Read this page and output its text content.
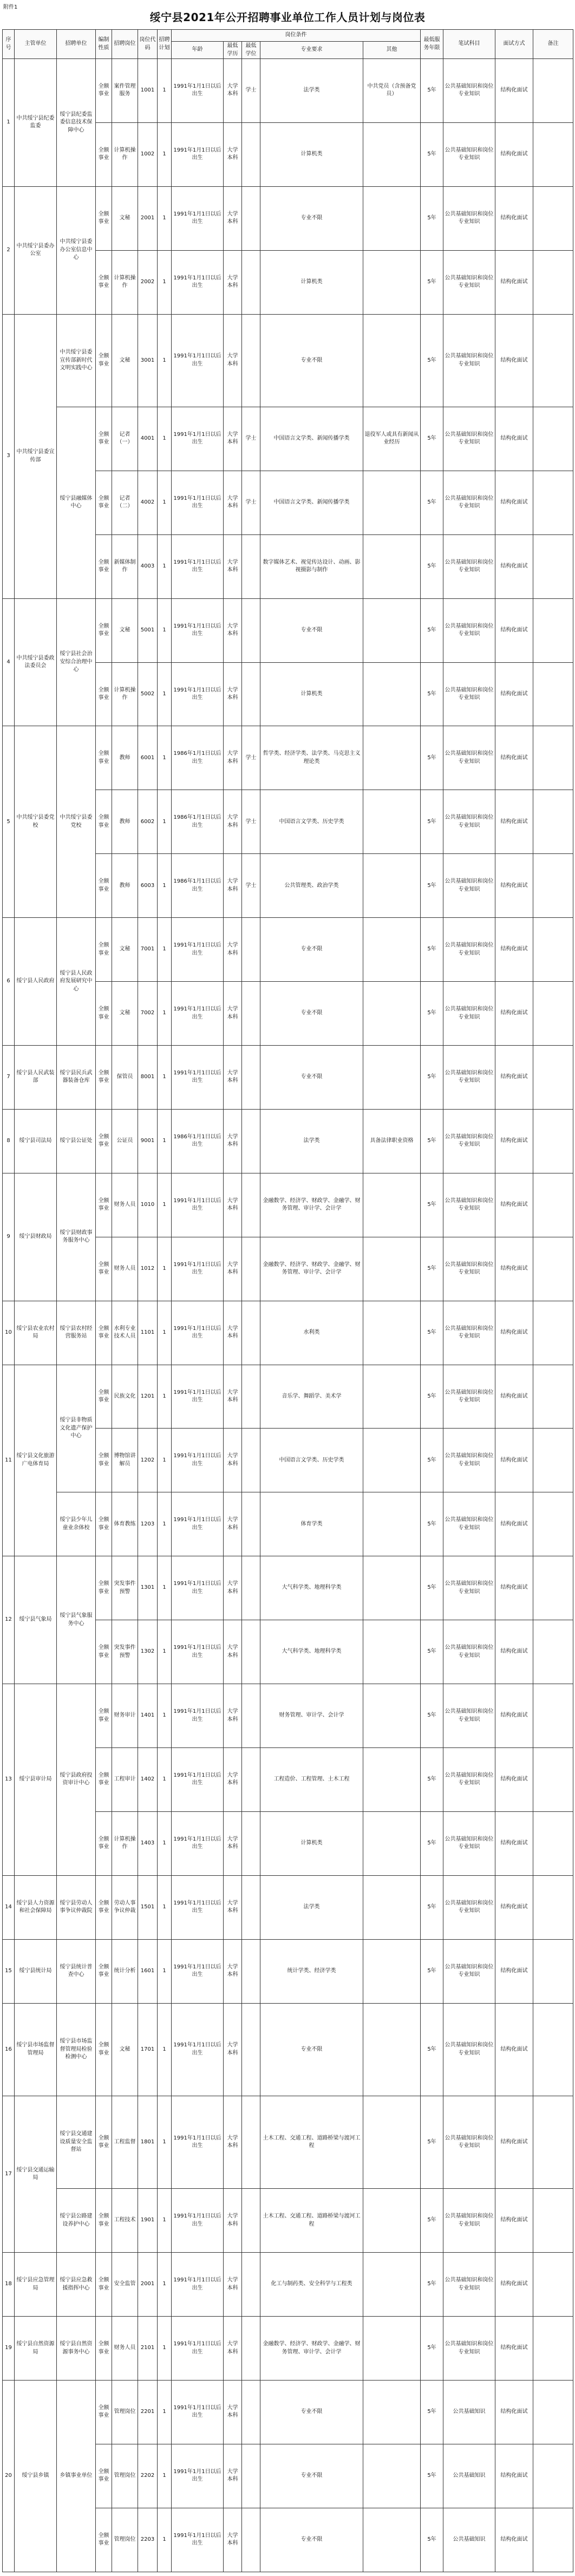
附件1
绥宁县2021年公开招聘事业单位工作人员计划与岗位表
序号	主管单位	招聘单位	编制性质	招聘岗位	岗位代码	招聘计划	岗位条件					最低服务年限	笔试科目	面试方式	备注
							年龄	最低学历	最低学位	专业要求	其他				
1	中共绥宁县纪委监委	绥宁县纪委监委信息技术保障中心	全额事业	案件管理服务	1001	1	1991年1月1日以后出生	大学本科	学士	法学类	中共党员（含预备党员）	5年	公共基础知识和岗位专业知识	结构化面试	
			全额事业	计算机操作	1002	1	1991年1月1日以后出生	大学本科		计算机类		5年	公共基础知识和岗位专业知识	结构化面试	
2	中共绥宁县委办公室	中共绥宁县委办公室信息中心	全额事业	文秘	2001	1	1991年1月1日以后出生	大学本科		专业不限		5年	公共基础知识和岗位专业知识	结构化面试	
			全额事业	计算机操作	2002	1	1991年1月1日以后出生	大学本科		计算机类		5年	公共基础知识和岗位专业知识	结构化面试	
3	中共绥宁县委宣传部	中共绥宁县委宣传部新时代文明实践中心	全额事业	文秘	3001	1	1991年1月1日以后出生	大学本科		专业不限		5年	公共基础知识和岗位专业知识	结构化面试	
		绥宁县融媒体中心	全额事业	记者（一）	4001	1	1991年1月1日以后出生	大学本科	学士	中国语言文学类、新闻传播学类	退役军人或具有新闻从业经历	5年	公共基础知识和岗位专业知识	结构化面试	
			全额事业	记者（二）	4002	1	1991年1月1日以后出生	大学本科	学士	中国语言文学类、新闻传播学类		5年	公共基础知识和岗位专业知识	结构化面试	
			全额事业	新媒体制作	4003	1	1991年1月1日以后出生	大学本科		数字媒体艺术、视觉传达设计、动画、影视摄影与制作		5年	公共基础知识和岗位专业知识	结构化面试	
4	中共绥宁县委政法委员会	绥宁县社会治安综合治理中心	全额事业	文秘	5001	1	1991年1月1日以后出生	大学本科		专业不限		5年	公共基础知识和岗位专业知识	结构化面试	
			全额事业	计算机操作	5002	1	1991年1月1日以后出生	大学本科		计算机类		5年	公共基础知识和岗位专业知识	结构化面试	
5	中共绥宁县委党校	中共绥宁县委党校	全额事业	教师	6001	1	1986年1月1日以后出生	大学本科	学士	哲学类、经济学类、法学类、马克思主义理论类		5年	公共基础知识和岗位专业知识	结构化面试	
			全额事业	教师	6002	1	1986年1月1日以后出生	大学本科	学士	中国语言文学类、历史学类		5年	公共基础知识和岗位专业知识	结构化面试	
			全额事业	教师	6003	1	1986年1月1日以后出生	大学本科	学士	公共管理类、政治学类		5年	公共基础知识和岗位专业知识	结构化面试	
6	绥宁县人民政府	绥宁县人民政府发展研究中心	全额事业	文秘	7001	1	1991年1月1日以后出生	大学本科		专业不限		5年	公共基础知识和岗位专业知识	结构化面试	
			全额事业	文秘	7002	1	1991年1月1日以后出生	大学本科		专业不限		5年	公共基础知识和岗位专业知识	结构化面试	
7	绥宁县人民武装部	绥宁县民兵武器装备仓库	全额事业	保管员	8001	1	1991年1月1日以后出生	大学本科		专业不限		5年	公共基础知识和岗位专业知识	结构化面试	
8	绥宁县司法局	绥宁县公证处	全额事业	公证员	9001	1	1986年1月1日以后出生	大学本科		法学类	具备法律职业资格	5年	公共基础知识和岗位专业知识	结构化面试	
9	绥宁县财政局	绥宁县财政事务服务中心	全额事业	财务人员	1010	1	1991年1月1日以后出生	大学本科		金融数学、经济学、财政学、金融学、财务管理、审计学、会计学		5年	公共基础知识和岗位专业知识	结构化面试	
			全额事业	财务人员	1012	1	1991年1月1日以后出生	大学本科		金融数学、经济学、财政学、金融学、财务管理、审计学、会计学		5年	公共基础知识和岗位专业知识	结构化面试	
10	绥宁县农业农村局	绥宁县农村经营服务站	全额事业	水利专业技术人员	1101	1	1991年1月1日以后出生	大学本科		水利类		5年	公共基础知识和岗位专业知识	结构化面试	
11	绥宁县文化旅游广电体育局	绥宁县非物质文化遗产保护中心	全额事业	民族文化	1201	1	1991年1月1日以后出生	大学本科		音乐学、舞蹈学、美术学		5年	公共基础知识和岗位专业知识	结构化面试	
			全额事业	博物馆讲解员	1202	1	1991年1月1日以后出生	大学本科		中国语言文学类、历史学类		5年	公共基础知识和岗位专业知识	结构化面试	
		绥宁县少年儿童业余体校	全额事业	体育教练	1203	1	1991年1月1日以后出生	大学本科		体育学类		5年	公共基础知识和岗位专业知识	结构化面试	
12	绥宁县气象局	绥宁县气象服务中心	全额事业	突发事件预警	1301	1	1991年1月1日以后出生	大学本科		大气科学类、地理科学类		5年	公共基础知识和岗位专业知识	结构化面试	
			全额事业	突发事件预警	1302	1	1991年1月1日以后出生	大学本科		大气科学类、地理科学类		5年	公共基础知识和岗位专业知识	结构化面试	
13	绥宁县审计局	绥宁县政府投资审计中心	全额事业	财务审计	1401	1	1991年1月1日以后出生	大学本科		财务管理、审计学、会计学		5年	公共基础知识和岗位专业知识	结构化面试	
			全额事业	工程审计	1402	1	1991年1月1日以后出生	大学本科		工程造价、工程管理、土木工程		5年	公共基础知识和岗位专业知识	结构化面试	
			全额事业	计算机操作	1403	1	1991年1月1日以后出生	大学本科		计算机类		5年	公共基础知识和岗位专业知识	结构化面试	
14	绥宁县人力资源和社会保障局	绥宁县劳动人事争议仲裁院	全额事业	劳动人事争议仲裁	1501	1	1991年1月1日以后出生	大学本科		法学类		5年	公共基础知识和岗位专业知识	结构化面试	
15	绥宁县统计局	绥宁县统计普查中心	全额事业	统计分析	1601	1	1991年1月1日以后出生	大学本科		统计学类、经济学类		5年	公共基础知识和岗位专业知识	结构化面试	
16	绥宁县市场监督管理局	绥宁县市场监督管理局检验检测中心	全额事业	文秘	1701	1	1991年1月1日以后出生	大学本科		专业不限		5年	公共基础知识和岗位专业知识	结构化面试	
17	绥宁县交通运输局	绥宁县交通建设质量安全监督站	全额事业	工程监督	1801	1	1991年1月1日以后出生	大学本科		土木工程、交通工程、道路桥梁与渡河工程		5年	公共基础知识和岗位专业知识	结构化面试	
		绥宁县公路建设养护中心	全额事业	工程技术	1901	1	1991年1月1日以后出生	大学本科		土木工程、交通工程、道路桥梁与渡河工程		5年	公共基础知识和岗位专业知识	结构化面试	
18	绥宁县应急管理局	绥宁县应急救援指挥中心	全额事业	安全监管	2001	1	1991年1月1日以后出生	大学本科		化工与制药类、安全科学与工程类		5年	公共基础知识和岗位专业知识	结构化面试	
19	绥宁县自然资源局	绥宁县自然资源事务中心	全额事业	财务人员	2101	1	1991年1月1日以后出生	大学本科		金融数学、经济学、财政学、金融学、财务管理、审计学、会计学		5年	公共基础知识和岗位专业知识	结构化面试	
20	绥宁县乡镇	乡镇事业单位	全额事业	管理岗位	2201	1	1991年1月1日以后出生	大学本科		专业不限		5年	公共基础知识	结构化面试	
			全额事业	管理岗位	2202	1	1991年1月1日以后出生	大学本科		专业不限		5年	公共基础知识	结构化面试	
			全额事业	管理岗位	2203	1	1991年1月1日以后出生	大学本科		专业不限		5年	公共基础知识	结构化面试	
